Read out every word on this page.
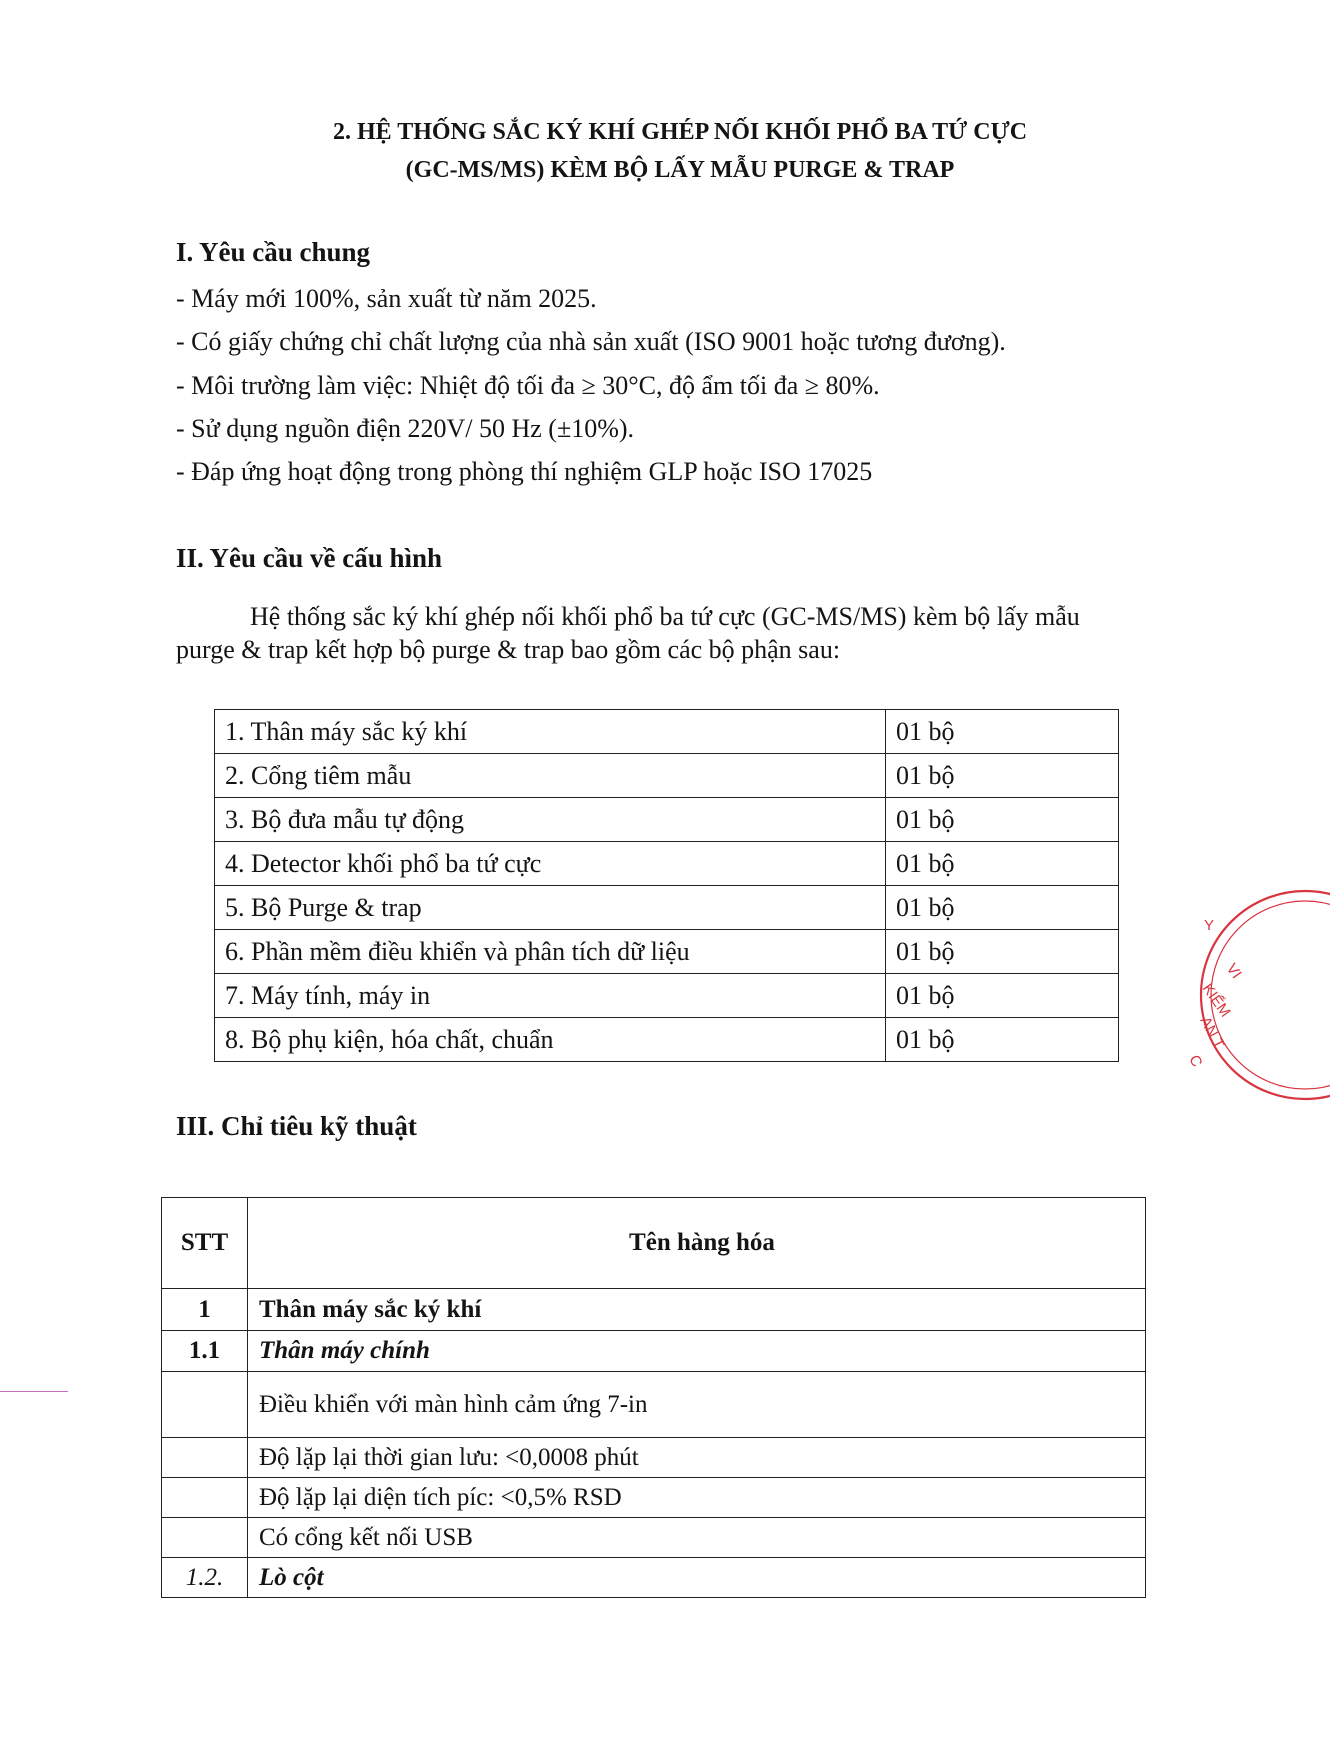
2. HỆ THỐNG SẮC KÝ KHÍ GHÉP NỐI KHỐI PHỔ BA TỨ CỰC
(GC-MS/MS) KÈM BỘ LẤY MẪU PURGE & TRAP
I. Yêu cầu chung
- Máy mới 100%, sản xuất từ năm 2025.
- Có giấy chứng chỉ chất lượng của nhà sản xuất (ISO 9001 hoặc tương đương).
- Môi trường làm việc: Nhiệt độ tối đa ≥ 30°C, độ ẩm tối đa ≥ 80%.
- Sử dụng nguồn điện 220V/ 50 Hz (±10%).
- Đáp ứng hoạt động trong phòng thí nghiệm GLP hoặc ISO 17025
II. Yêu cầu về cấu hình
Hệ thống sắc ký khí ghép nối khối phổ ba tứ cực (GC-MS/MS) kèm bộ lấy mẫu purge & trap kết hợp bộ purge & trap bao gồm các bộ phận sau:
1. Thân máy sắc ký khí	01 bộ
2. Cổng tiêm mẫu	01 bộ
3. Bộ đưa mẫu tự động	01 bộ
4. Detector khối phổ ba tứ cực	01 bộ
5. Bộ Purge & trap	01 bộ
6. Phần mềm điều khiển và phân tích dữ liệu	01 bộ
7. Máy tính, máy in	01 bộ
8. Bộ phụ kiện, hóa chất, chuẩn	01 bộ
III. Chỉ tiêu kỹ thuật
STT	Tên hàng hóa
1	Thân máy sắc ký khí
1.1	Thân máy chính
	Điều khiển với màn hình cảm ứng 7-in
	Độ lặp lại thời gian lưu: <0,0008 phút
	Độ lặp lại diện tích píc: <0,5% RSD
	Có cổng kết nối USB
1.2.	Lò cột
Y
VI
KIỂM
AN T
C
